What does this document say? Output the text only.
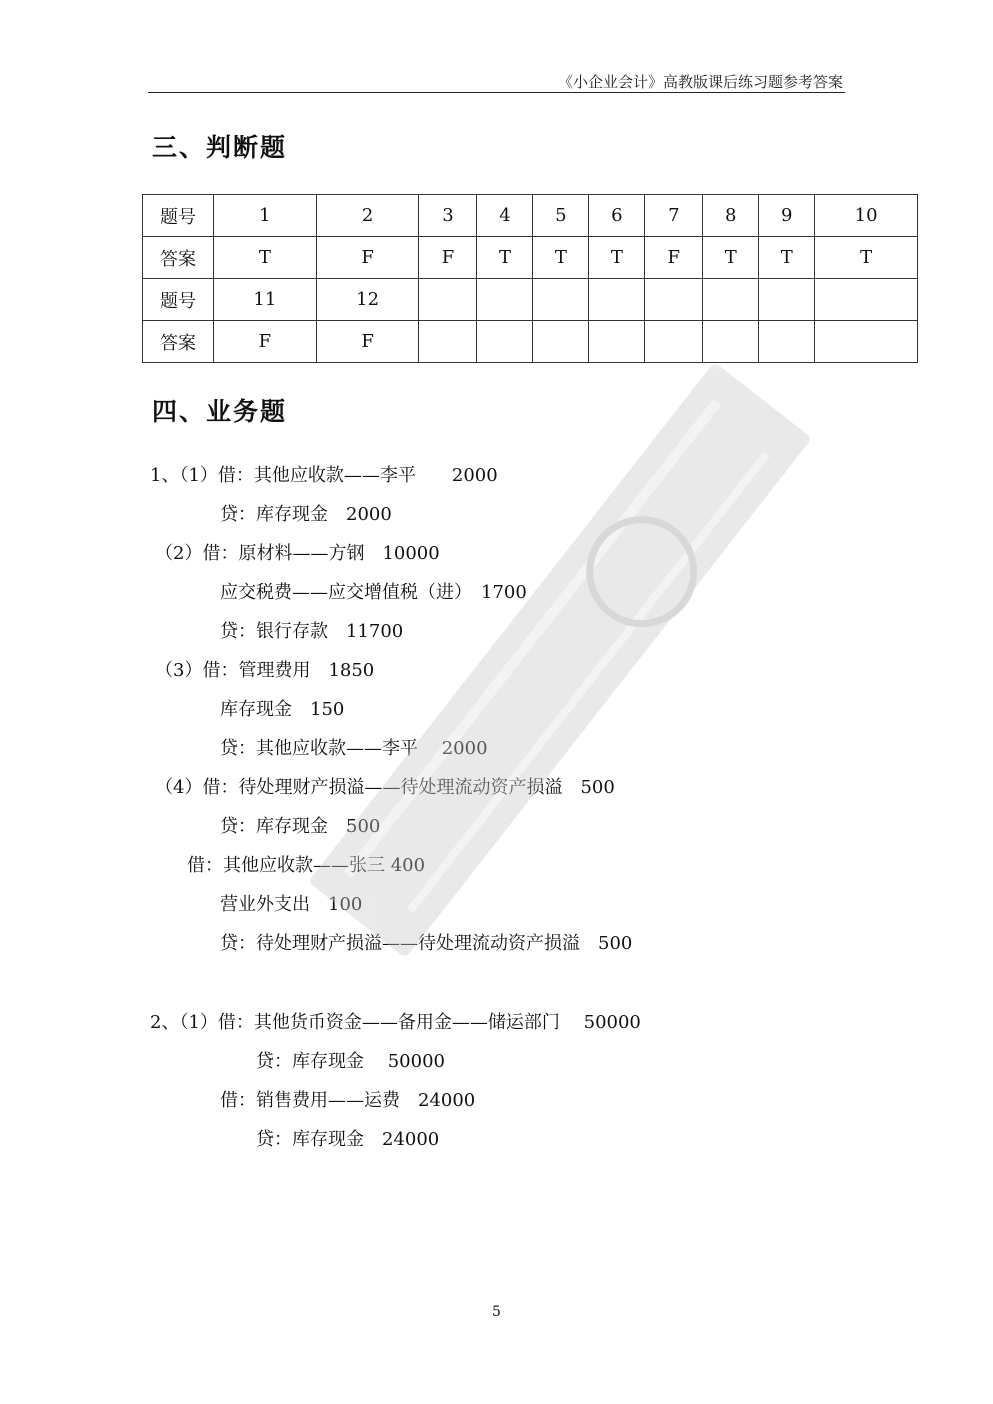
《小企业会计》高教版课后练习题参考答案
三、判断题
题号	1	2	3	4	5	6	7	8	9	10
答案	T	F	F	T	T	T	F	T	T	T
题号	11	12								
答案	F	F								
四、业务题
1、（1）借：其他应收款——李平　　2000
贷：库存现金　2000
（2）借：原材料——方钢　10000
应交税费——应交增值税（进）　1700
贷：银行存款　11700
（3）借：管理费用　1850
库存现金　150
贷：其他应收款——李平　 2000
（4）借：待处理财产损溢——待处理流动资产损溢　500
贷：库存现金　500
借：其他应收款——张三 400
营业外支出　100
贷：待处理财产损溢——待处理流动资产损溢　500
2、（1）借：其他货币资金——备用金——储运部门　 50000
贷：库存现金　 50000
借：销售费用——运费　24000
贷：库存现金　24000
5
